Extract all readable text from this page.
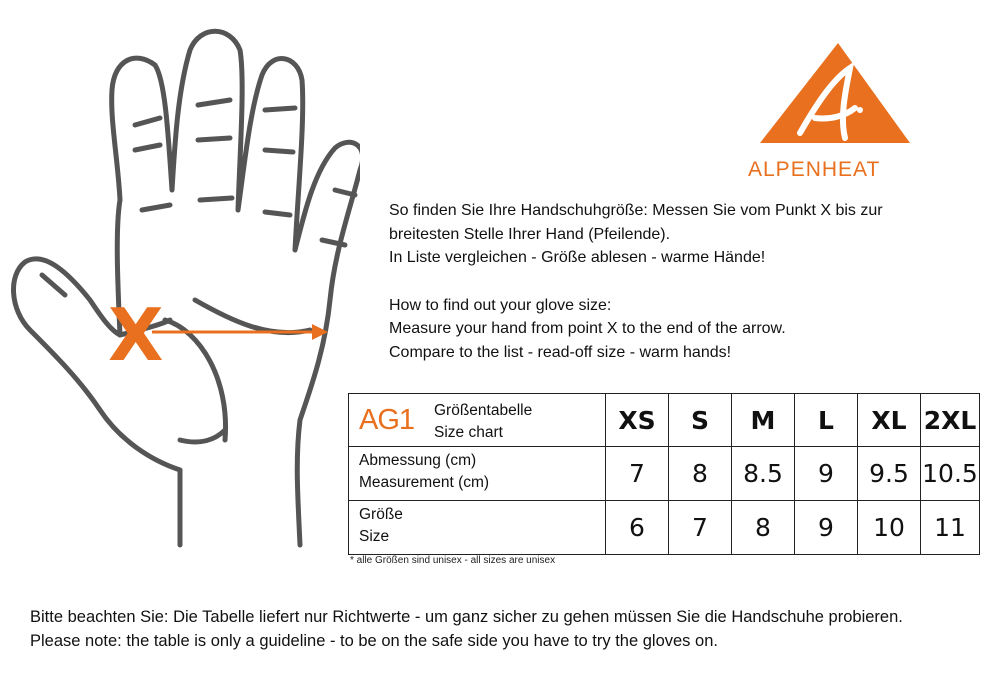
X
est. 1993
ALPENHEAT
So finden Sie Ihre Handschuhgröße: Messen Sie vom Punkt X bis zur
breitesten Stelle Ihrer Hand (Pfeilende).
In Liste vergleichen - Größe ablesen - warme Hände!
How to find out your glove size:
Measure your hand from point X to the end of the arrow.
Compare to the list - read-off size - warm hands!
AG1 Größentabelle
Size chart	XS	S	M	L	XL	2XL
Abmessung (cm)
Measurement (cm)	7	8	8.5	9	9.5	10.5
Größe
Size	6	7	8	9	10	11
* alle Größen sind unisex - all sizes are unisex
Bitte beachten Sie: Die Tabelle liefert nur Richtwerte - um ganz sicher zu gehen müssen Sie die Handschuhe probieren.
Please note: the table is only a guideline - to be on the safe side you have to try the gloves on.
